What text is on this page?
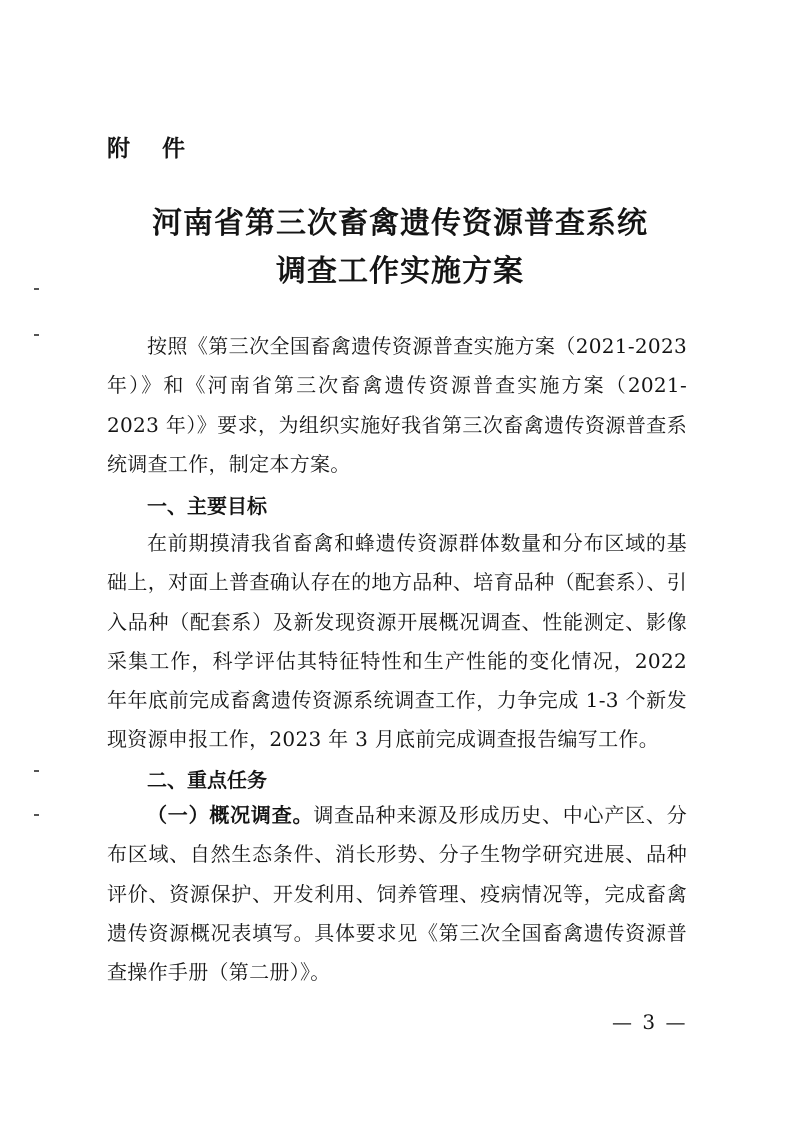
附 件
河南省第三次畜禽遗传资源普查系统
调查工作实施方案

按照《第三次全国畜禽遗传资源普查实施方案（2021-2023 年）》和《河南省第三次畜禽遗传资源普查实施方案（2021-2023 年）》要求，为组织实施好我省第三次畜禽遗传资源普查系统调查工作，制定本方案。

一、主要目标

在前期摸清我省畜禽和蜂遗传资源群体数量和分布区域的基础上，对面上普查确认存在的地方品种、培育品种（配套系）、引入品种（配套系）及新发现资源开展概况调查、性能测定、影像采集工作，科学评估其特征特性和生产性能的变化情况，2022 年年底前完成畜禽遗传资源系统调查工作，力争完成 1-3 个新发现资源申报工作，2023 年 3 月底前完成调查报告编写工作。

二、重点任务

（一）概况调查。调查品种来源及形成历史、中心产区、分布区域、自然生态条件、消长形势、分子生物学研究进展、品种评价、资源保护、开发利用、饲养管理、疫病情况等，完成畜禽遗传资源概况表填写。具体要求见《第三次全国畜禽遗传资源普查操作手册（第二册）》。

— 3 —
